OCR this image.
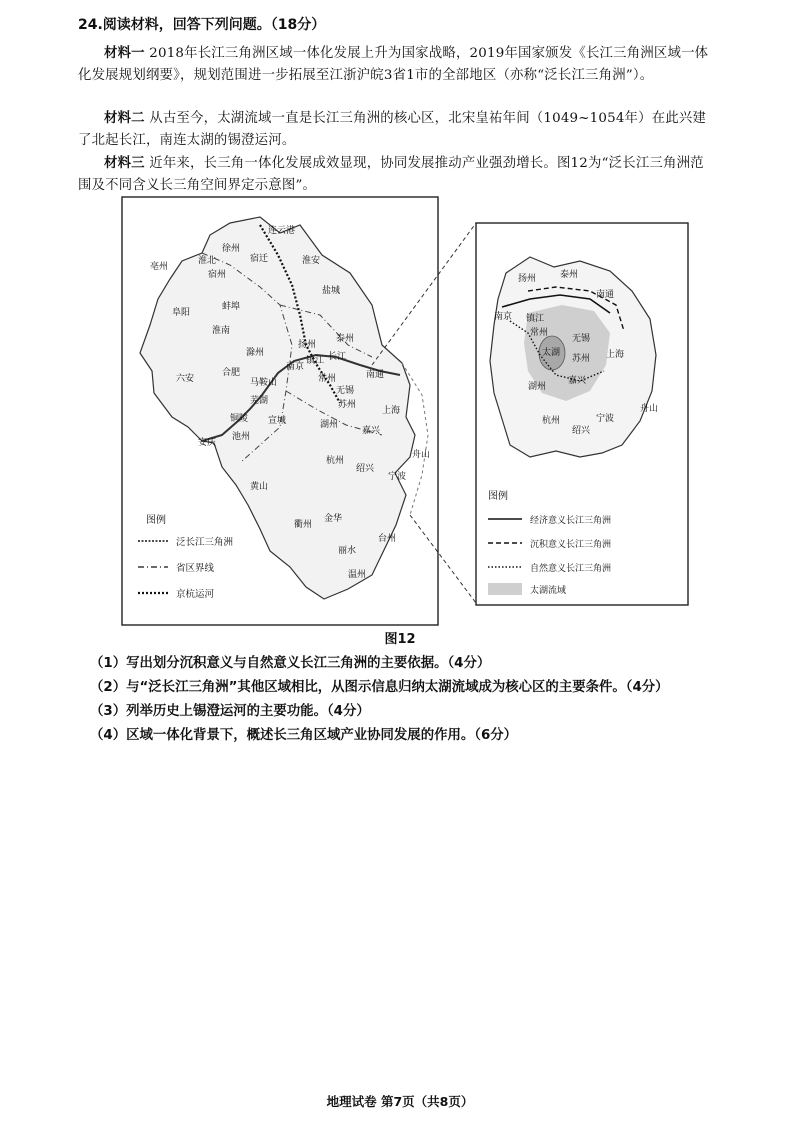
24.阅读材料，回答下列问题。（18分）
材料一 2018年长江三角洲区域一体化发展上升为国家战略，2019年国家颁发《长江三角洲区域一体化发展规划纲要》，规划范围进一步拓展至江浙沪皖3省1市的全部地区（亦称“泛长江三角洲”）。
材料二 从古至今，太湖流域一直是长江三角洲的核心区，北宋皇祐年间（1049~1054年）在此兴建了北起长江，南连太湖的锡澄运河。
材料三 近年来，长三角一体化发展成效显现，协同发展推动产业强劲增长。图12为“泛长江三角洲范围及不同含义长三角空间界定示意图”。
连云港
徐州
宿迁
淮北
亳州
宿州
淮安
盐城
阜阳
蚌埠
淮南
泰州
滁州
扬州
长江
六安
合肥
镇江
南京
南通
常州
无锡
马鞍山
芜湖	苏州
上海
铜陵 宣城	湖州
嘉兴
安庆
池州
杭州
绍兴
宁波
舟山
黄山
金华
衢州
丽水
台州
温州
图例
泛长江三角洲
省区界线
京杭运河
扬州	泰州
南通
南京 镇江
常州
无锡
太湖
苏州 上海
湖州
嘉兴
杭州
绍兴
宁波
舟山
图例
经济意义长江三角洲
沉积意义长江三角洲
自然意义长江三角洲
太湖流域
图12
（1）写出划分沉积意义与自然意义长江三角洲的主要依据。（4分）
（2）与“泛长江三角洲”其他区域相比，从图示信息归纳太湖流域成为核心区的主要条件。（4分）
（3）列举历史上锡澄运河的主要功能。（4分）
（4）区域一体化背景下，概述长三角区域产业协同发展的作用。（6分）
地理试卷 第7页（共8页）
